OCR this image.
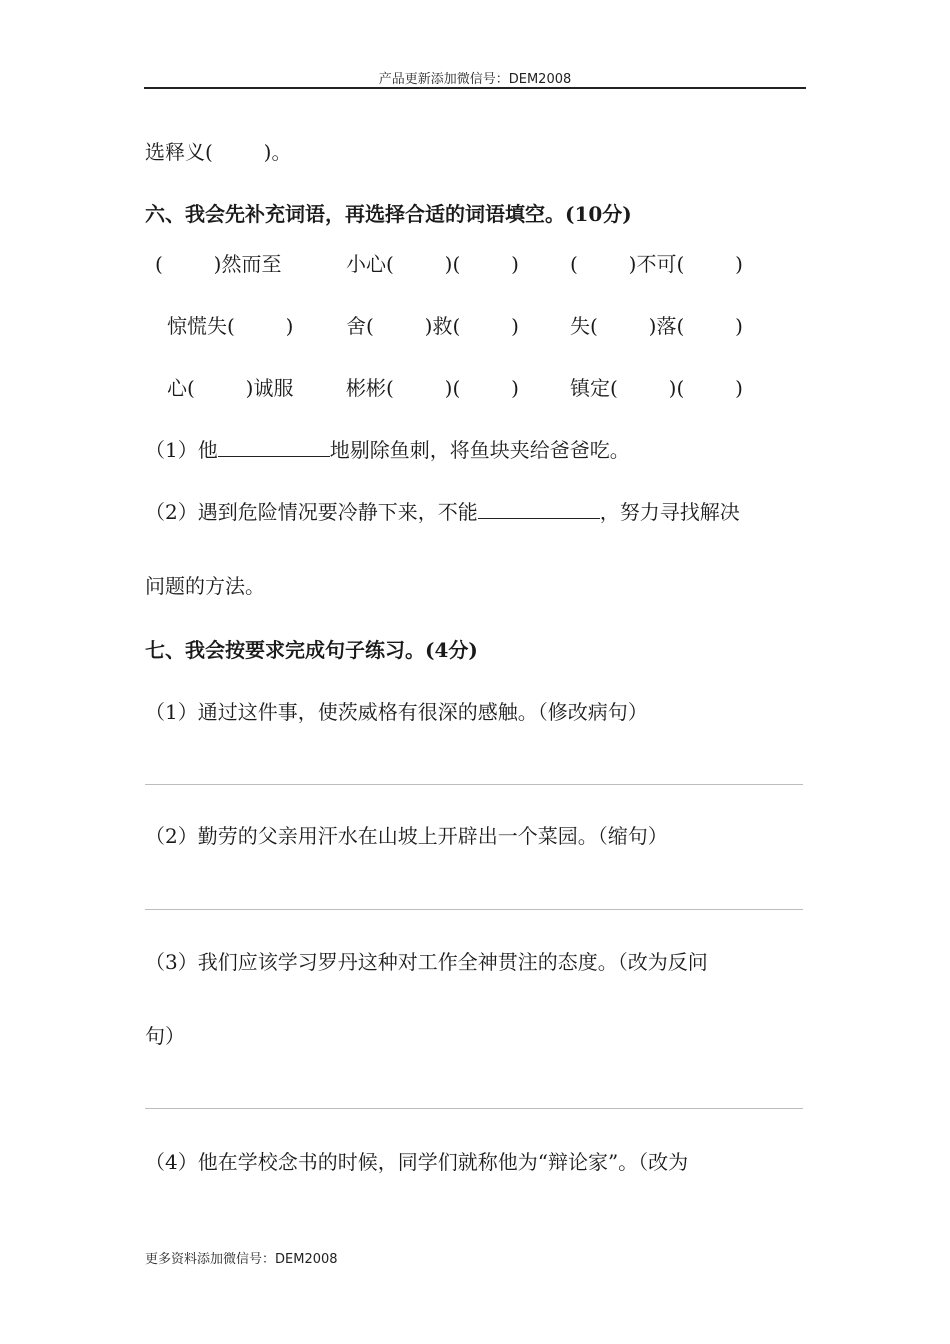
产品更新添加微信号：DEM2008
选释义(        )。
六、我会先补充词语，再选择合适的词语填空。(10分)
(        )然而至	小心(        )(        )	(        )不可(        )
惊慌失(        )	舍(        )救(        )	失(        )落(        )
心(        )诚服	彬彬(        )(        )	镇定(        )(        )
（1）他	地剔除鱼刺，将鱼块夹给爸爸吃。
（2）遇到危险情况要冷静下来，不能	，努力寻找解决
问题的方法。
七、我会按要求完成句子练习。(4分)
（1）通过这件事，使茨威格有很深的感触。（修改病句）
（2）勤劳的父亲用汗水在山坡上开辟出一个菜园。（缩句）
（3）我们应该学习罗丹这种对工作全神贯注的态度。（改为反问
句）
（4）他在学校念书的时候，同学们就称他为“辩论家”。（改为
更多资料添加微信号：DEM2008
